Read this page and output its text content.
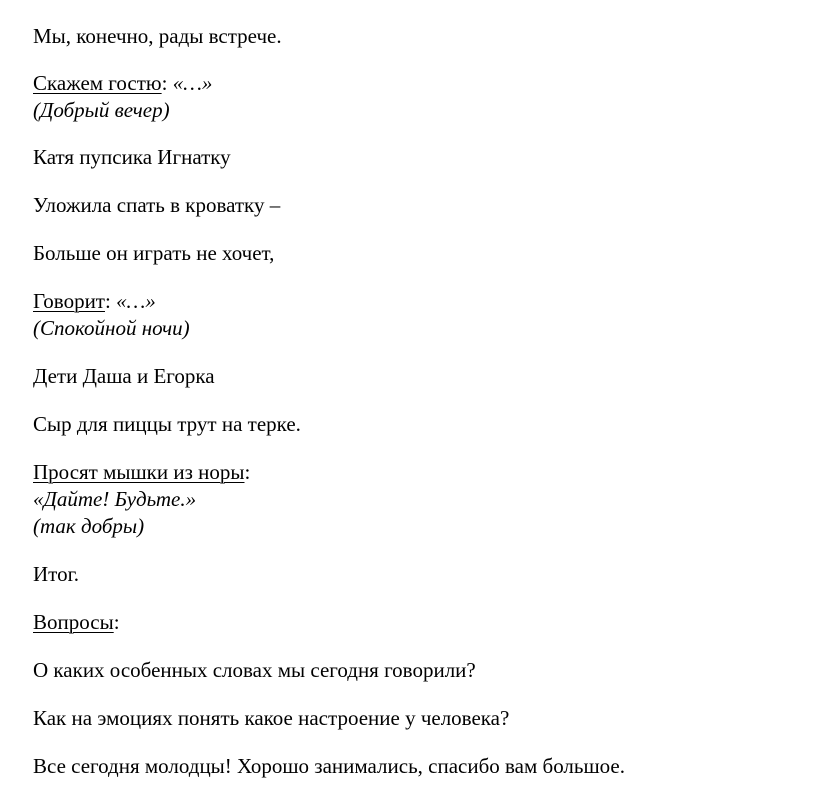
Мы, конечно, рады встрече.
Скажем гостю: «…»
(Добрый вечер)
Катя пупсика Игнатку
Уложила спать в кроватку –
Больше он играть не хочет,
Говорит: «…»
(Спокойной ночи)
Дети Даша и Егорка
Сыр для пиццы трут на терке.
Просят мышки из норы:
«Дайте! Будьте.»
(так добры)
Итог.
Вопросы:
О каких особенных словах мы сегодня говорили?
Как на эмоциях понять какое настроение у человека?
Все сегодня молодцы! Хорошо занимались, спасибо вам большое.
